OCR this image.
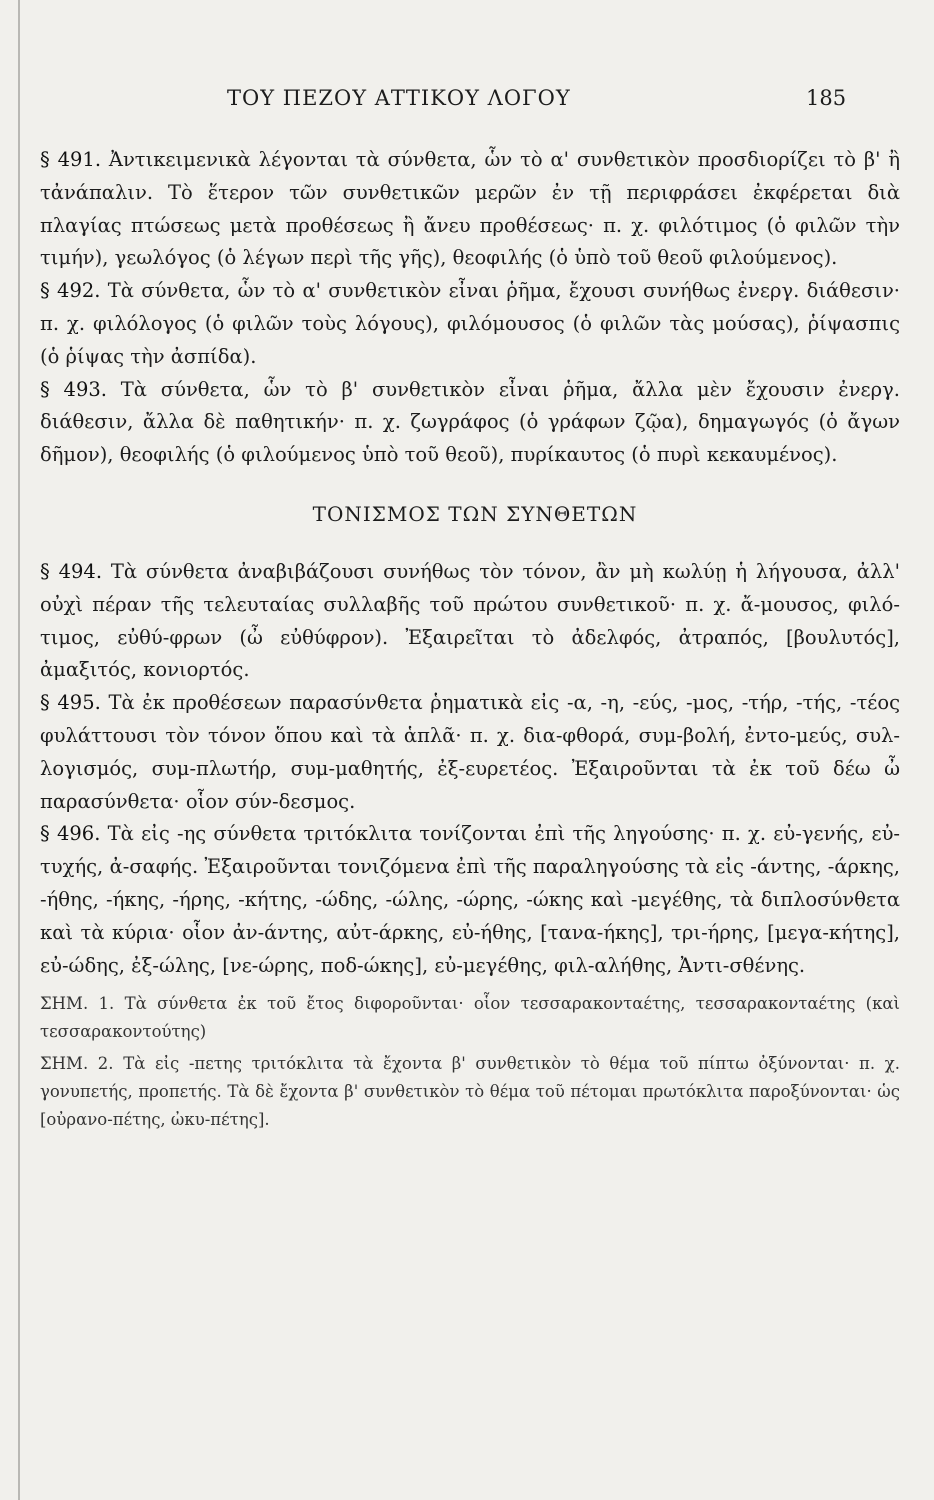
ΤΟΥ ΠΕΖΟΥ ΑΤΤΙΚΟΥ ΛΟΓΟΥ	185

§ 491. Ἀντικειμενικὰ λέγονται τὰ σύνθετα, ὧν τὸ α' συνθετικὸν προσδιορίζει τὸ β' ἢ τἀνάπαλιν. Τὸ ἕτερον τῶν συνθετικῶν μερῶν ἐν τῇ περιφράσει ἐκφέρεται διὰ πλαγίας πτώσεως μετὰ προθέσεως ἢ ἄνευ προθέσεως· π. χ. φιλότιμος (ὁ φιλῶν τὴν τιμήν), γεωλόγος (ὁ λέγων περὶ τῆς γῆς), θεοφιλής (ὁ ὑπὸ τοῦ θεοῦ φιλούμενος).

§ 492. Τὰ σύνθετα, ὧν τὸ α' συνθετικὸν εἶναι ῥῆμα, ἔχουσι συνήθως ἐνεργ. διάθεσιν· π. χ. φιλόλογος (ὁ φιλῶν τοὺς λόγους), φιλόμουσος (ὁ φιλῶν τὰς μούσας), ῥίψασπις (ὁ ῥίψας τὴν ἀσπίδα).

§ 493. Τὰ σύνθετα, ὧν τὸ β' συνθετικὸν εἶναι ῥῆμα, ἄλλα μὲν ἔχουσιν ἐνεργ. διάθεσιν, ἄλλα δὲ παθητικήν· π. χ. ζωγράφος (ὁ γράφων ζῷα), δημαγωγός (ὁ ἄγων δῆμον), θεοφιλής (ὁ φιλούμενος ὑπὸ τοῦ θεοῦ), πυρίκαυτος (ὁ πυρὶ κεκαυμένος).

ΤΟΝΙΣΜΟΣ ΤΩΝ ΣΥΝΘΕΤΩΝ

§ 494. Τὰ σύνθετα ἀναβιβάζουσι συνήθως τὸν τόνον, ἂν μὴ κωλύῃ ἡ λήγουσα, ἀλλ' οὐχὶ πέραν τῆς τελευταίας συλλαβῆς τοῦ πρώτου συνθετικοῦ· π. χ. ἄ-μουσος, φιλό-τιμος, εὐθύ-φρων (ὦ εὐθύφρον). Ἐξαιρεῖται τὸ ἀδελφός, ἀτραπός, [βουλυτός], ἀμαξιτός, κονιορτός.

§ 495. Τὰ ἐκ προθέσεων παρασύνθετα ῥηματικὰ εἰς -α, -η, -εύς, -μος, -τήρ, -τής, -τέος φυλάττουσι τὸν τόνον ὅπου καὶ τὰ ἁπλᾶ· π. χ. δια-φθορά, συμ-βολή, ἐντο-μεύς, συλ-λογισμός, συμ-πλωτήρ, συμ-μαθητής, ἐξ-ευρετέος. Ἐξαιροῦνται τὰ ἐκ τοῦ δέω ὦ παρασύνθετα· οἷον σύν-δεσμος.

§ 496. Τὰ εἰς -ης σύνθετα τριτόκλιτα τονίζονται ἐπὶ τῆς ληγούσης· π. χ. εὐ-γενής, εὐ-τυχής, ἀ-σαφής. Ἐξαιροῦνται τονιζόμενα ἐπὶ τῆς παραληγούσης τὰ εἰς -άντης, -άρκης, -ήθης, -ήκης, -ήρης, -κήτης, -ώδης, -ώλης, -ώρης, -ώκης καὶ -μεγέθης, τὰ διπλοσύνθετα καὶ τὰ κύρια· οἷον ἀν-άντης, αὐτ-άρκης, εὐ-ήθης, [τανα-ήκης], τρι-ήρης, [μεγα-κήτης], εὐ-ώδης, ἐξ-ώλης, [νε-ώρης, ποδ-ώκης], εὐ-μεγέθης, φιλ-αλήθης, Ἀντι-σθένης.

ΣΗΜ. 1. Τὰ σύνθετα ἐκ τοῦ ἔτος διφοροῦνται· οἷον τεσσαρακονταέτης, τεσσαρακονταέτης (καὶ τεσσαρακοντούτης)

ΣΗΜ. 2. Τὰ εἰς -πετης τριτόκλιτα τὰ ἔχοντα β' συνθετικὸν τὸ θέμα τοῦ πίπτω ὀξύνονται· π. χ. γονυπετής, προπετής. Τὰ δὲ ἔχοντα β' συνθετικὸν τὸ θέμα τοῦ πέτομαι πρωτόκλιτα παροξύνονται· ὡς [οὐρανο-πέτης, ὠκυ-πέτης].
